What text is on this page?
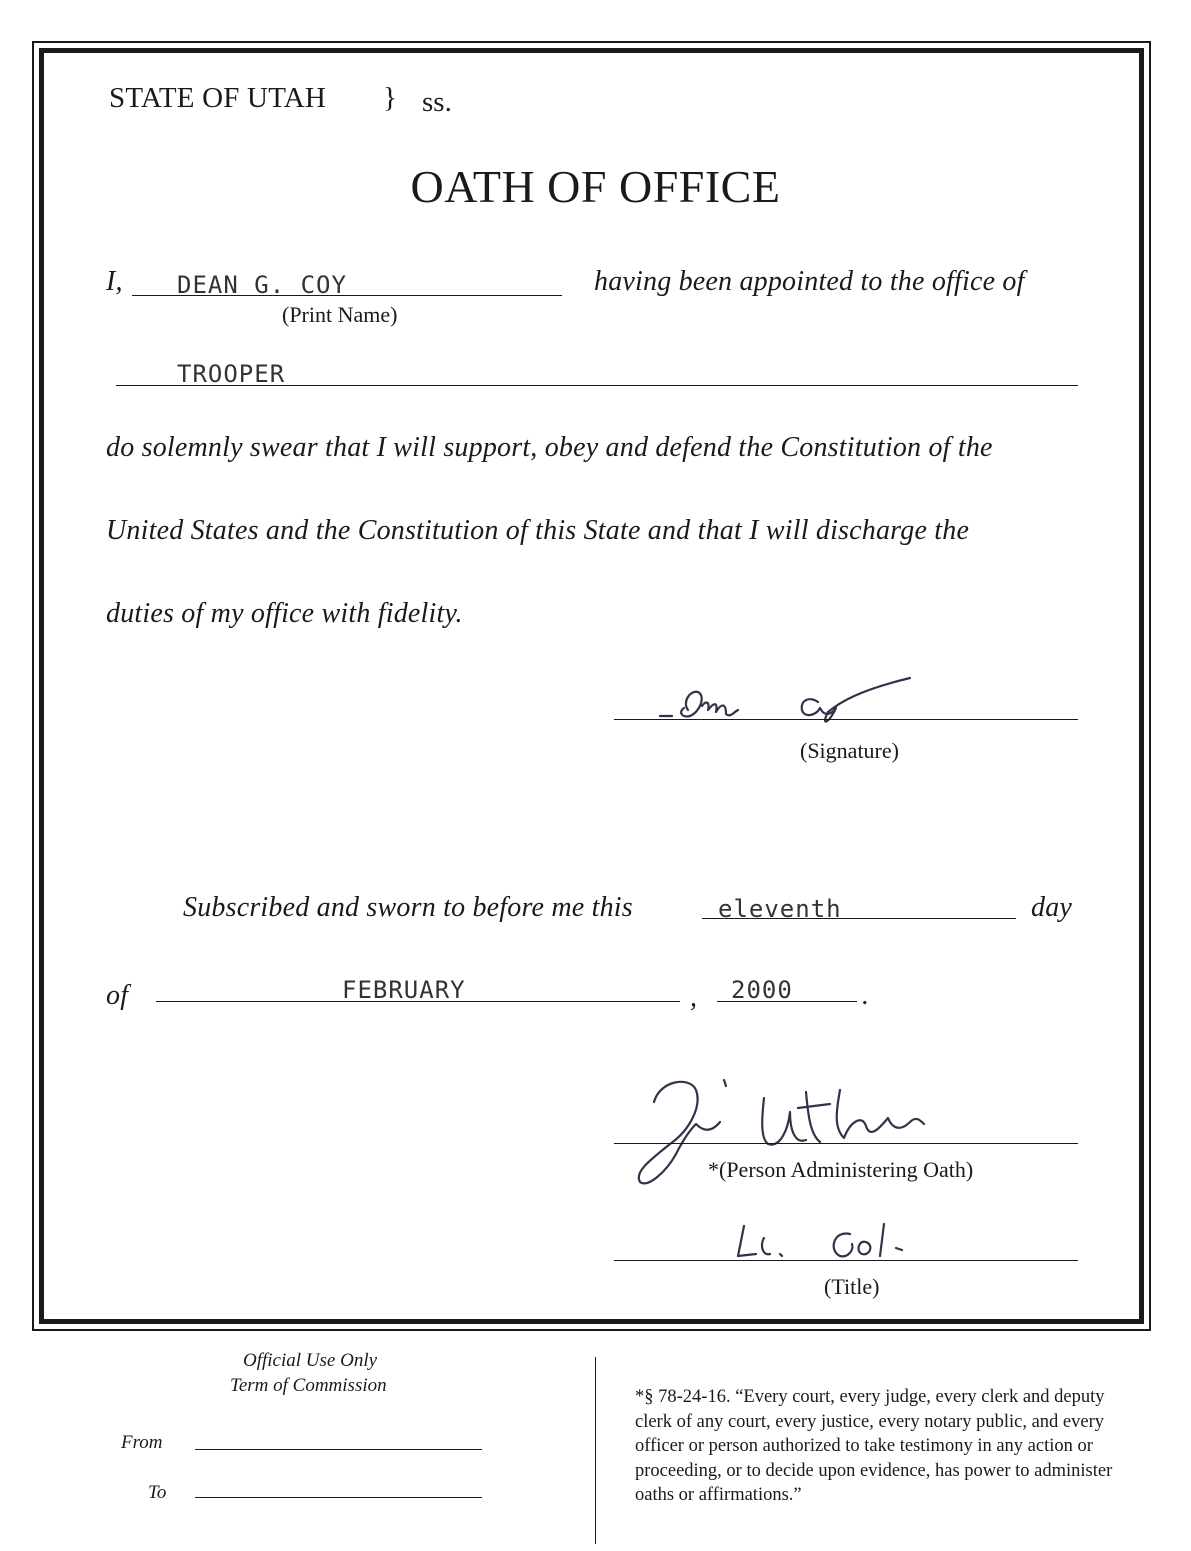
STATE OF UTAH } ss.
OATH OF OFFICE
I, DEAN G. COY
(Print Name)
having been appointed to the office of
TROOPER
do solemnly swear that I will support, obey and defend the Constitution of the
United States and the Constitution of this State and that I will discharge the
duties of my office with fidelity.
(Signature)
Subscribed and sworn to before me this	eleventh	day
of	FEBRUARY	, 2000 .
*(Person Administering Oath)
(Title)
Official Use Only
Term of Commission
From
To
*§ 78-24-16. “Every court, every judge, every clerk and deputy clerk of any court, every justice, every notary public, and every officer or person authorized to take testimony in any action or proceeding, or to decide upon evidence, has power to administer oaths or affirmations.”
